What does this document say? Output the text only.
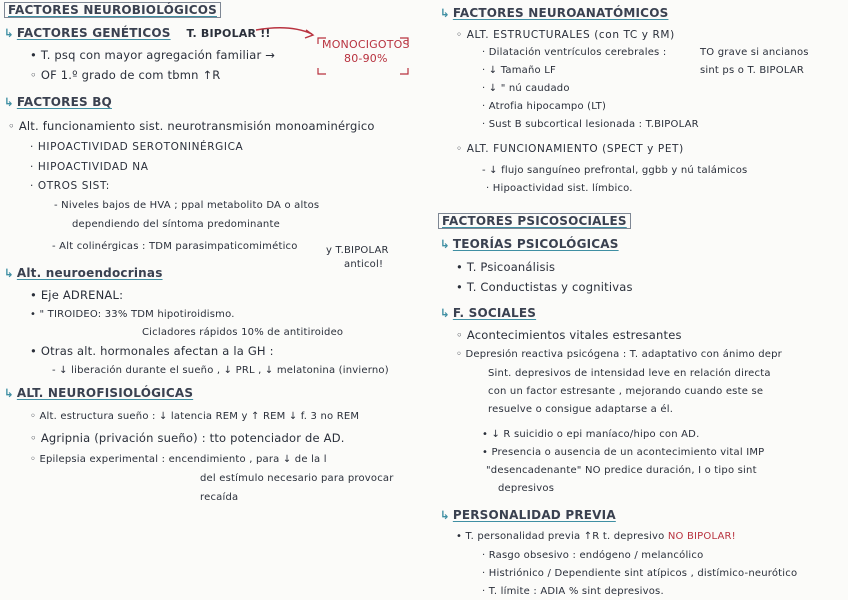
FACTORES NEUROBIOLÓGICOS
↳ FACTORES GENÉTICOS T. BIPOLAR !!
• T. psq con mayor agregación familiar →
◦ OF 1.º grado de com tbmn ↑R
↳ FACTORES BQ
◦ Alt. funcionamiento sist. neurotransmisión monoaminérgico
· HIPOACTIVIDAD SEROTONINÉRGICA
· HIPOACTIVIDAD NA
· OTROS SIST:
- Niveles bajos de HVA ; ppal metabolito DA o altos
dependiendo del síntoma predominante
- Alt colinérgicas : TDM parasimpaticomimético	y T.BIPOLAR
anticol!
↳ Alt. neuroendocrinas
• Eje ADRENAL:
• " TIROIDEO: 33% TDM hipotiroidismo.
Cicladores rápidos 10% de antitiroideo
• Otras alt. hormonales afectan a la GH :
- ↓ liberación durante el sueño , ↓ PRL , ↓ melatonina (invierno)
↳ ALT. NEUROFISIOLÓGICAS
◦ Alt. estructura sueño : ↓ latencia REM y ↑ REM ↓ f. 3 no REM
◦ Agripnia (privación sueño) : tto potenciador de AD.
◦ Epilepsia experimental : encendimiento , para ↓ de la l
del estímulo necesario para provocar
recaída
MONOCIGOTOS
80-90%
↳ FACTORES NEUROANATÓMICOS
◦ ALT. ESTRUCTURALES (con TC y RM)
· Dilatación ventrículos cerebrales :	TO grave si ancianos
· ↓ Tamaño LF	sint ps o T. BIPOLAR
· ↓ " nú caudado
· Atrofia hipocampo (LT)
· Sust B subcortical lesionada : T.BIPOLAR
◦ ALT. FUNCIONAMIENTO (SPECT y PET)
- ↓ flujo sanguíneo prefrontal, ggbb y nú talámicos
· Hipoactividad sist. límbico.
FACTORES PSICOSOCIALES
↳ TEORÍAS PSICOLÓGICAS
• T. Psicoanálisis
• T. Conductistas y cognitivas
↳ F. SOCIALES
◦ Acontecimientos vitales estresantes
◦ Depresión reactiva psicógena : T. adaptativo con ánimo depr
Sint. depresivos de intensidad leve en relación directa
con un factor estresante , mejorando cuando este se
resuelve o consigue adaptarse a él.
• ↓ R suicidio o epi maníaco/hipo con AD.
• Presencia o ausencia de un acontecimiento vital IMP
"desencadenante" NO predice duración, I o tipo sint
depresivos
↳ PERSONALIDAD PREVIA
• T. personalidad previa ↑R t. depresivo NO BIPOLAR!
· Rasgo obsesivo : endógeno / melancólico
· Histriónico / Dependiente sint atípicos , distímico-neurótico
· T. límite : ADIA % sint depresivos.
